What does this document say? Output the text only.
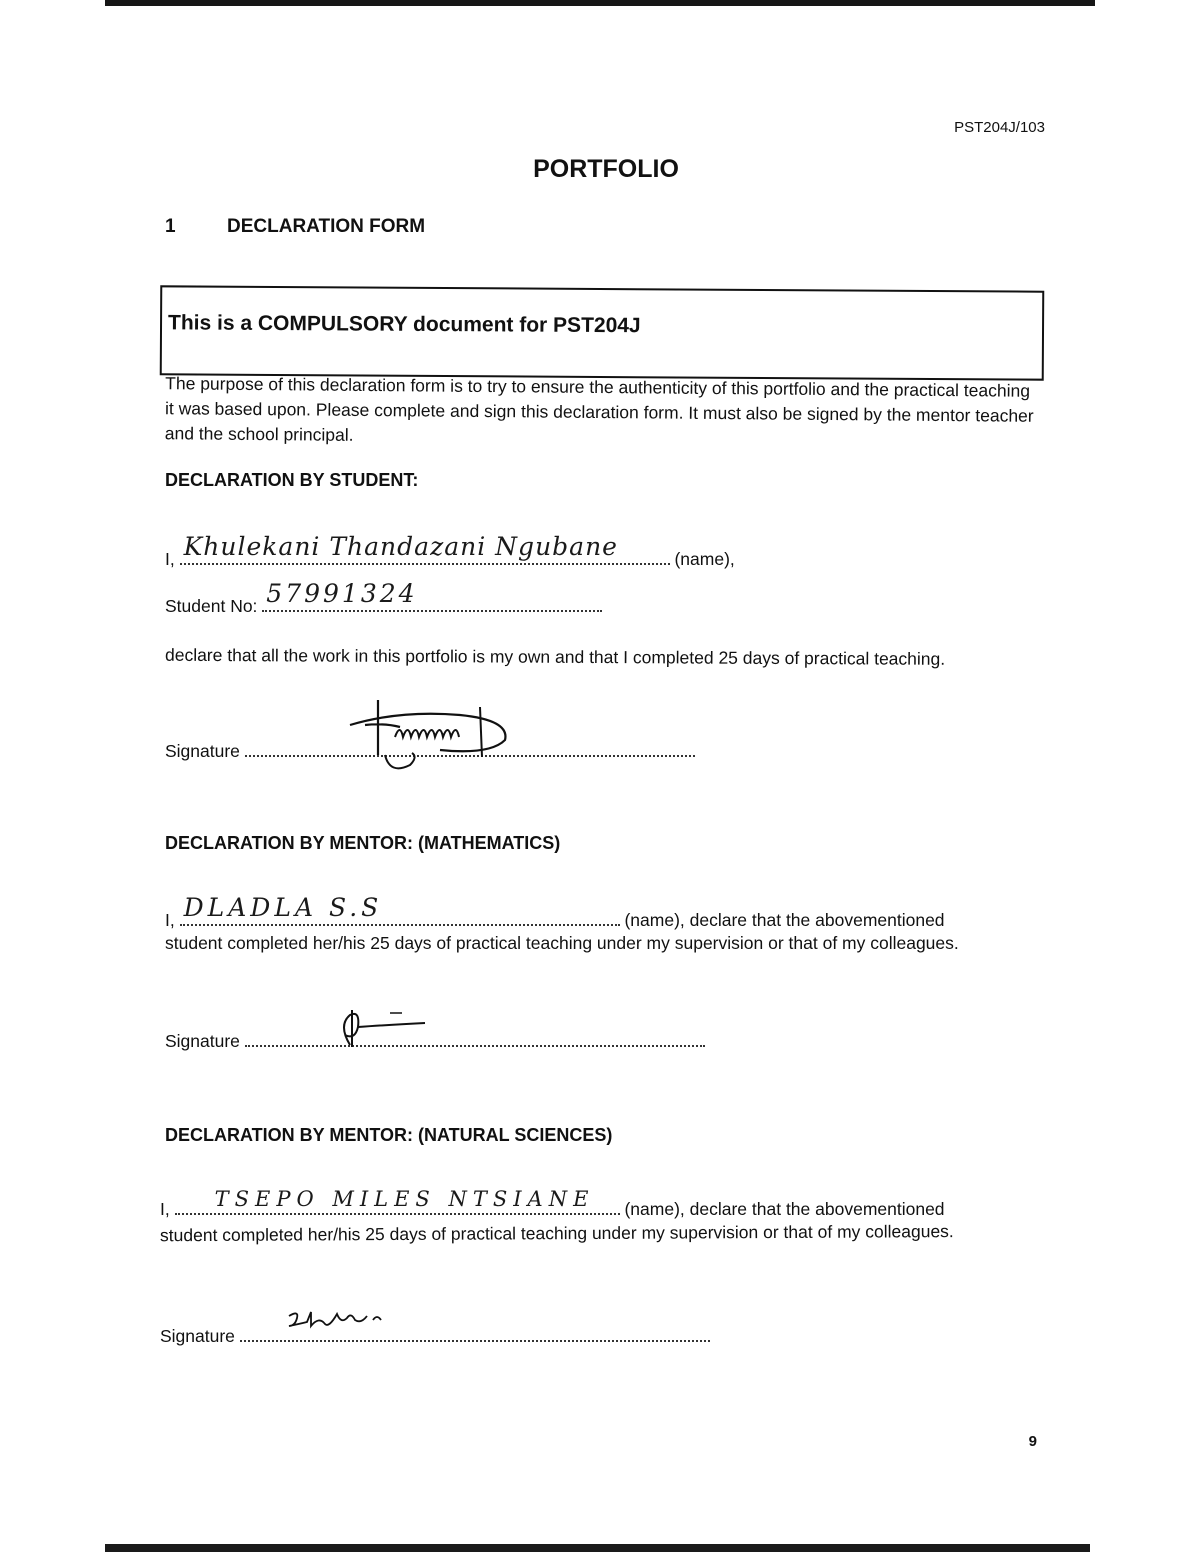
PST204J/103
PORTFOLIO
1	DECLARATION FORM
This is a COMPULSORY document for PST204J
The purpose of this declaration form is to try to ensure the authenticity of this portfolio and the practical teaching it was based upon. Please complete and sign this declaration form. It must also be signed by the mentor teacher and the school principal.
DECLARATION BY STUDENT:
I, Khulekani Thandazani Ngubane	(name),
Student No: 57991324
declare that all the work in this portfolio is my own and that I completed 25 days of practical teaching.
Signature
DECLARATION BY MENTOR: (MATHEMATICS)
I, DLADLA S.S	(name), declare that the abovementioned
student completed her/his 25 days of practical teaching under my supervision or that of my colleagues.
Signature
DECLARATION BY MENTOR: (NATURAL SCIENCES)
I, TSEPO MILES NTSIANE (name), declare that the abovementioned
student completed her/his 25 days of practical teaching under my supervision or that of my colleagues.
Signature
9
